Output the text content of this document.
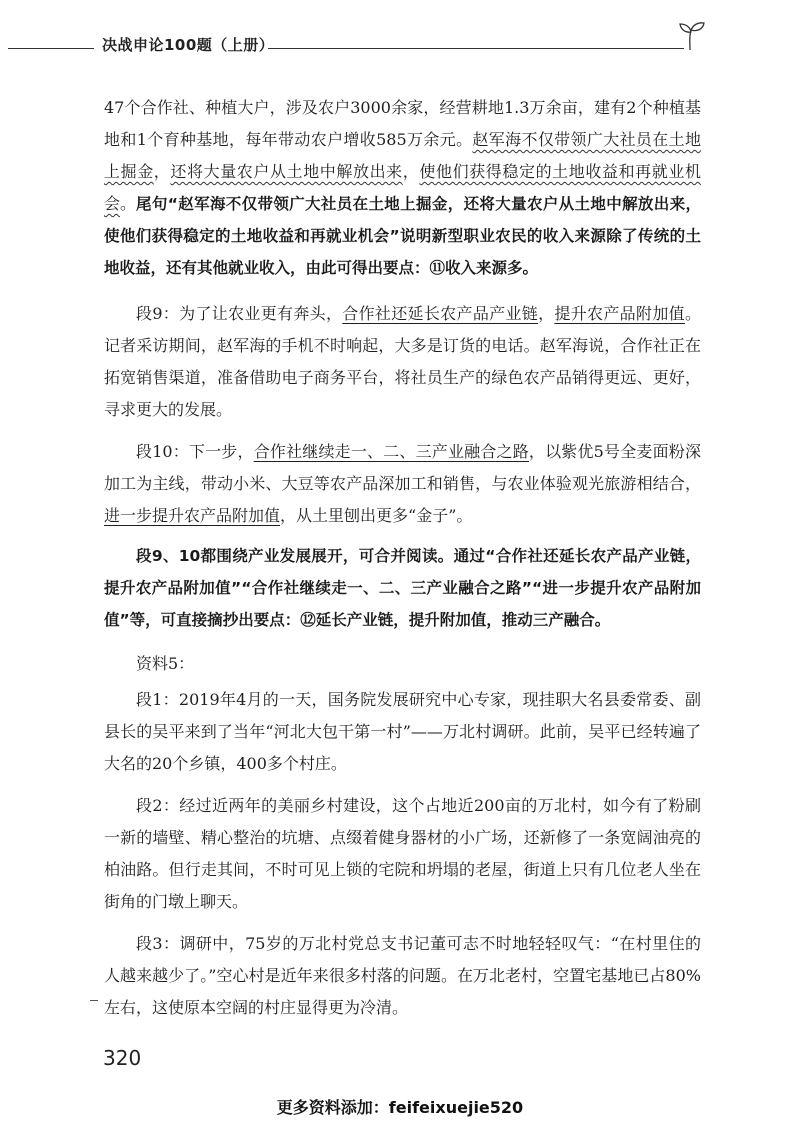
决战申论100题（上册）

47个合作社、种植大户，涉及农户3000余家，经营耕地1.3万余亩，建有2个种植基地和1个育种基地，每年带动农户增收585万余元。赵军海不仅带领广大社员在土地上掘金，还将大量农户从土地中解放出来，使他们获得稳定的土地收益和再就业机会。 尾句“赵军海不仅带领广大社员在土地上掘金，还将大量农户从土地中解放出来，使他们获得稳定的土地收益和再就业机会”说明新型职业农民的收入来源除了传统的土地收益，还有其他就业收入，由此可得出要点：⑪收入来源多。

段9：为了让农业更有奔头，合作社还延长农产品产业链，提升农产品附加值。记者采访期间，赵军海的手机不时响起，大多是订货的电话。赵军海说，合作社正在拓宽销售渠道，准备借助电子商务平台，将社员生产的绿色农产品销得更远、更好，寻求更大的发展。

段10：下一步，合作社继续走一、二、三产业融合之路，以紫优5号全麦面粉深加工为主线，带动小米、大豆等农产品深加工和销售，与农业体验观光旅游相结合，进一步提升农产品附加值，从土里刨出更多“金子”。

段9、10都围绕产业发展展开，可合并阅读。通过“合作社还延长农产品产业链，提升农产品附加值”“合作社继续走一、二、三产业融合之路”“进一步提升农产品附加值”等，可直接摘抄出要点：⑫延长产业链，提升附加值，推动三产融合。

资料5：

段1：2019年4月的一天，国务院发展研究中心专家，现挂职大名县委常委、副县长的吴平来到了当年“河北大包干第一村”——万北村调研。此前，吴平已经转遍了大名的20个乡镇，400多个村庄。

段2：经过近两年的美丽乡村建设，这个占地近200亩的万北村，如今有了粉刷一新的墙壁、精心整治的坑塘、点缀着健身器材的小广场，还新修了一条宽阔油亮的柏油路。但行走其间，不时可见上锁的宅院和坍塌的老屋，街道上只有几位老人坐在街角的门墩上聊天。

段3：调研中，75岁的万北村党总支书记董可志不时地轻轻叹气：“在村里住的人越来越少了。”空心村是近年来很多村落的问题。在万北老村，空置宅基地已占80%左右，这使原本空阔的村庄显得更为冷清。

320
更多资料添加：feifeixuejie520
